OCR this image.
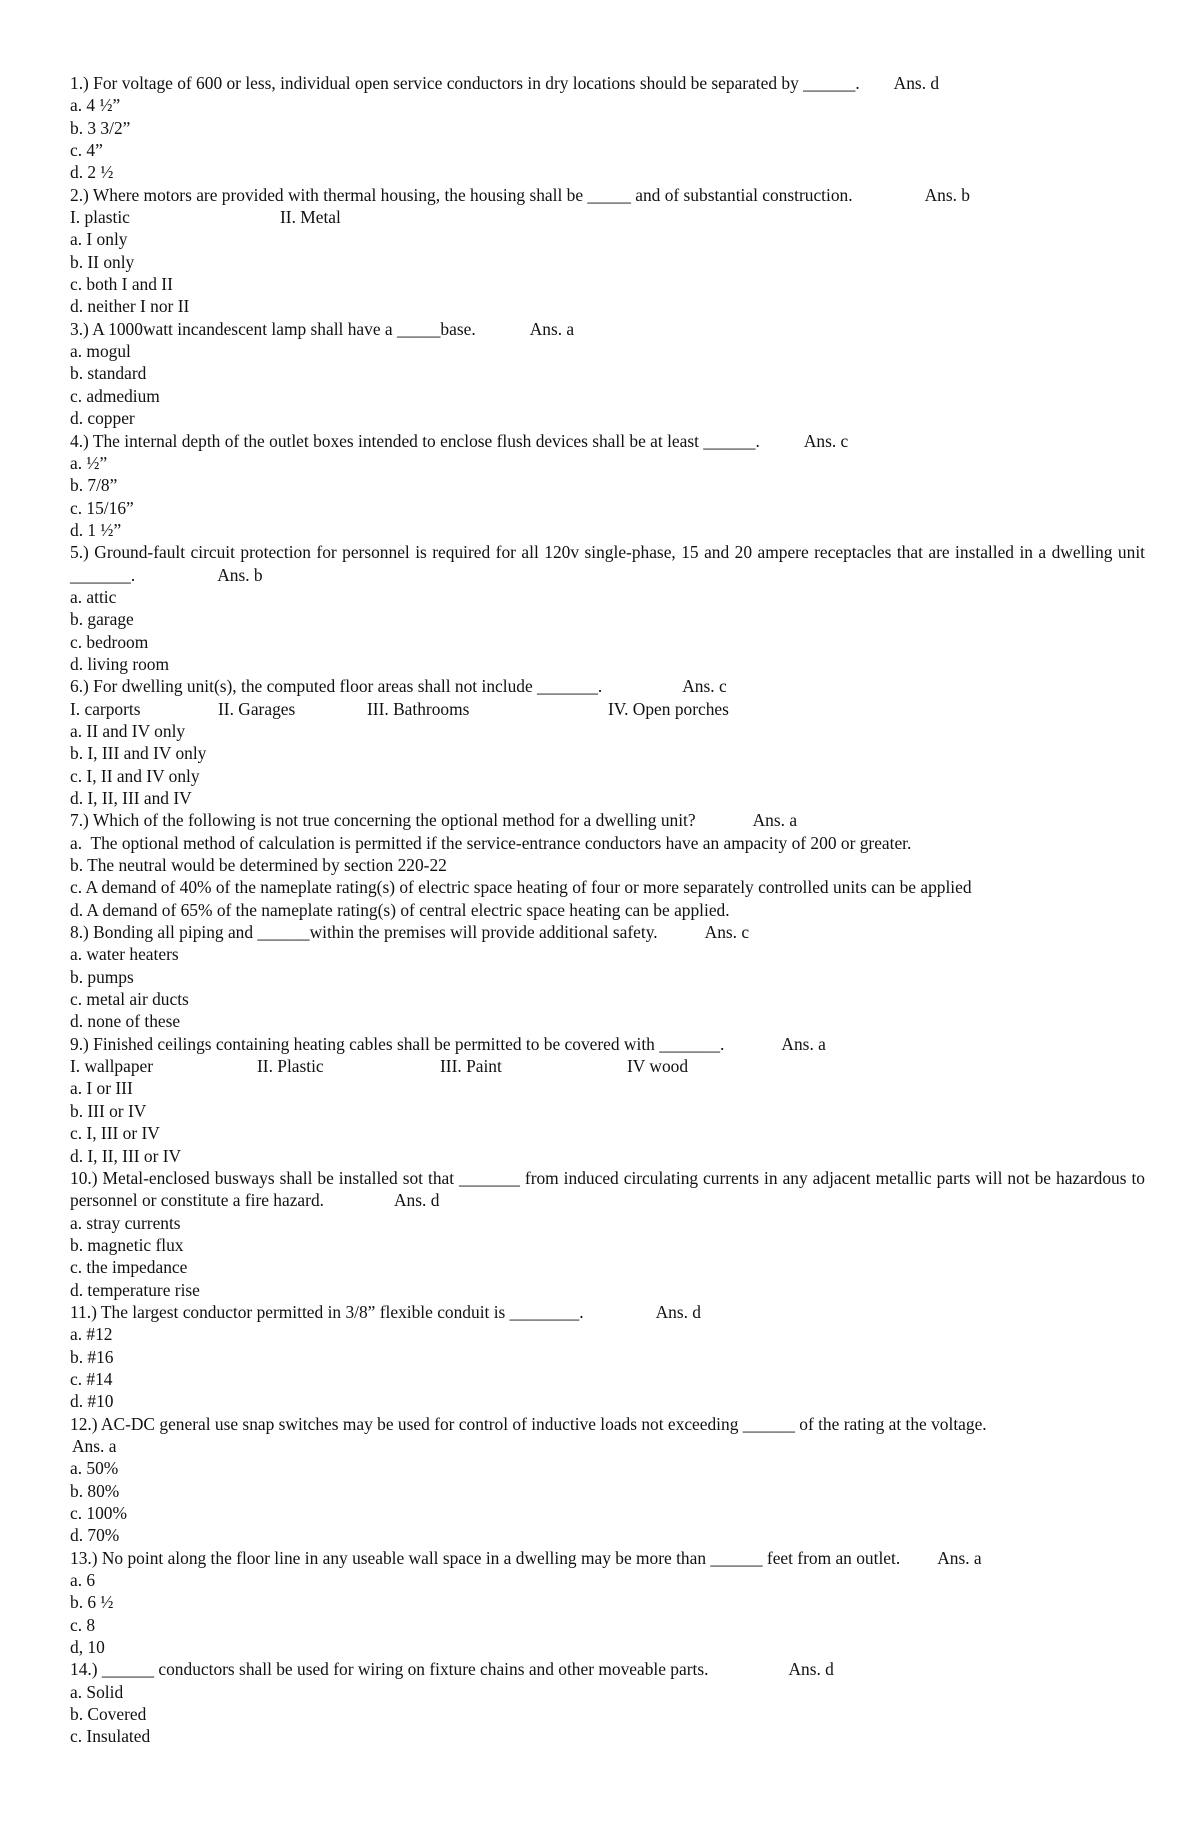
1.) For voltage of 600 or less, individual open service conductors in dry locations should be separated by ______. Ans. d
a. 4 ½”
b. 3 3/2”
c. 4”
d. 2 ½
2.) Where motors are provided with thermal housing, the housing shall be _____ and of substantial construction.	Ans. b
I. plastic	II. Metal
a. I only
b. II only
c. both I and II
d. neither I nor II
3.) A 1000watt incandescent lamp shall have a _____base.	Ans. a
a. mogul
b. standard
c. admedium
d. copper
4.) The internal depth of the outlet boxes intended to enclose flush devices shall be at least ______.	Ans. c
a. ½”
b. 7/8”
c. 15/16”
d. 1 ½”
5.) Ground-fault circuit protection for personnel is required for all 120v single-phase, 15 and 20 ampere receptacles that are installed in a dwelling unit _______.	Ans. b
a. attic
b. garage
c. bedroom
d. living room
6.) For dwelling unit(s), the computed floor areas shall not include _______.	Ans. c
I. carports	II. Garages	III. Bathrooms	IV. Open porches
a. II and IV only
b. I, III and IV only
c. I, II and IV only
d. I, II, III and IV
7.) Which of the following is not true concerning the optional method for a dwelling unit?	Ans. a
a.  The optional method of calculation is permitted if the service-entrance conductors have an ampacity of 200 or greater.
b. The neutral would be determined by section 220-22
c. A demand of 40% of the nameplate rating(s) of electric space heating of four or more separately controlled units can be applied
d. A demand of 65% of the nameplate rating(s) of central electric space heating can be applied.
8.) Bonding all piping and ______within the premises will provide additional safety.	Ans. c
a. water heaters
b. pumps
c. metal air ducts
d. none of these
9.) Finished ceilings containing heating cables shall be permitted to be covered with _______.	Ans. a
I. wallpaper	II. Plastic	III. Paint	IV wood
a. I or III
b. III or IV
c. I, III or IV
d. I, II, III or IV
10.) Metal-enclosed busways shall be installed sot that _______ from induced circulating currents in any adjacent metallic parts will not be hazardous to personnel or constitute a fire hazard.	Ans. d
a. stray currents
b. magnetic flux
c. the impedance
d. temperature rise
11.) The largest conductor permitted in 3/8” flexible conduit is ________.	Ans. d
a. #12
b. #16
c. #14
d. #10
12.) AC-DC general use snap switches may be used for control of inductive loads not exceeding ______ of the rating at the voltage.
Ans. a
a. 50%
b. 80%
c. 100%
d. 70%
13.) No point along the floor line in any useable wall space in a dwelling may be more than ______ feet from an outlet. Ans. a
a. 6
b. 6 ½
c. 8
d, 10
14.) ______ conductors shall be used for wiring on fixture chains and other moveable parts.	Ans. d
a. Solid
b. Covered
c. Insulated
